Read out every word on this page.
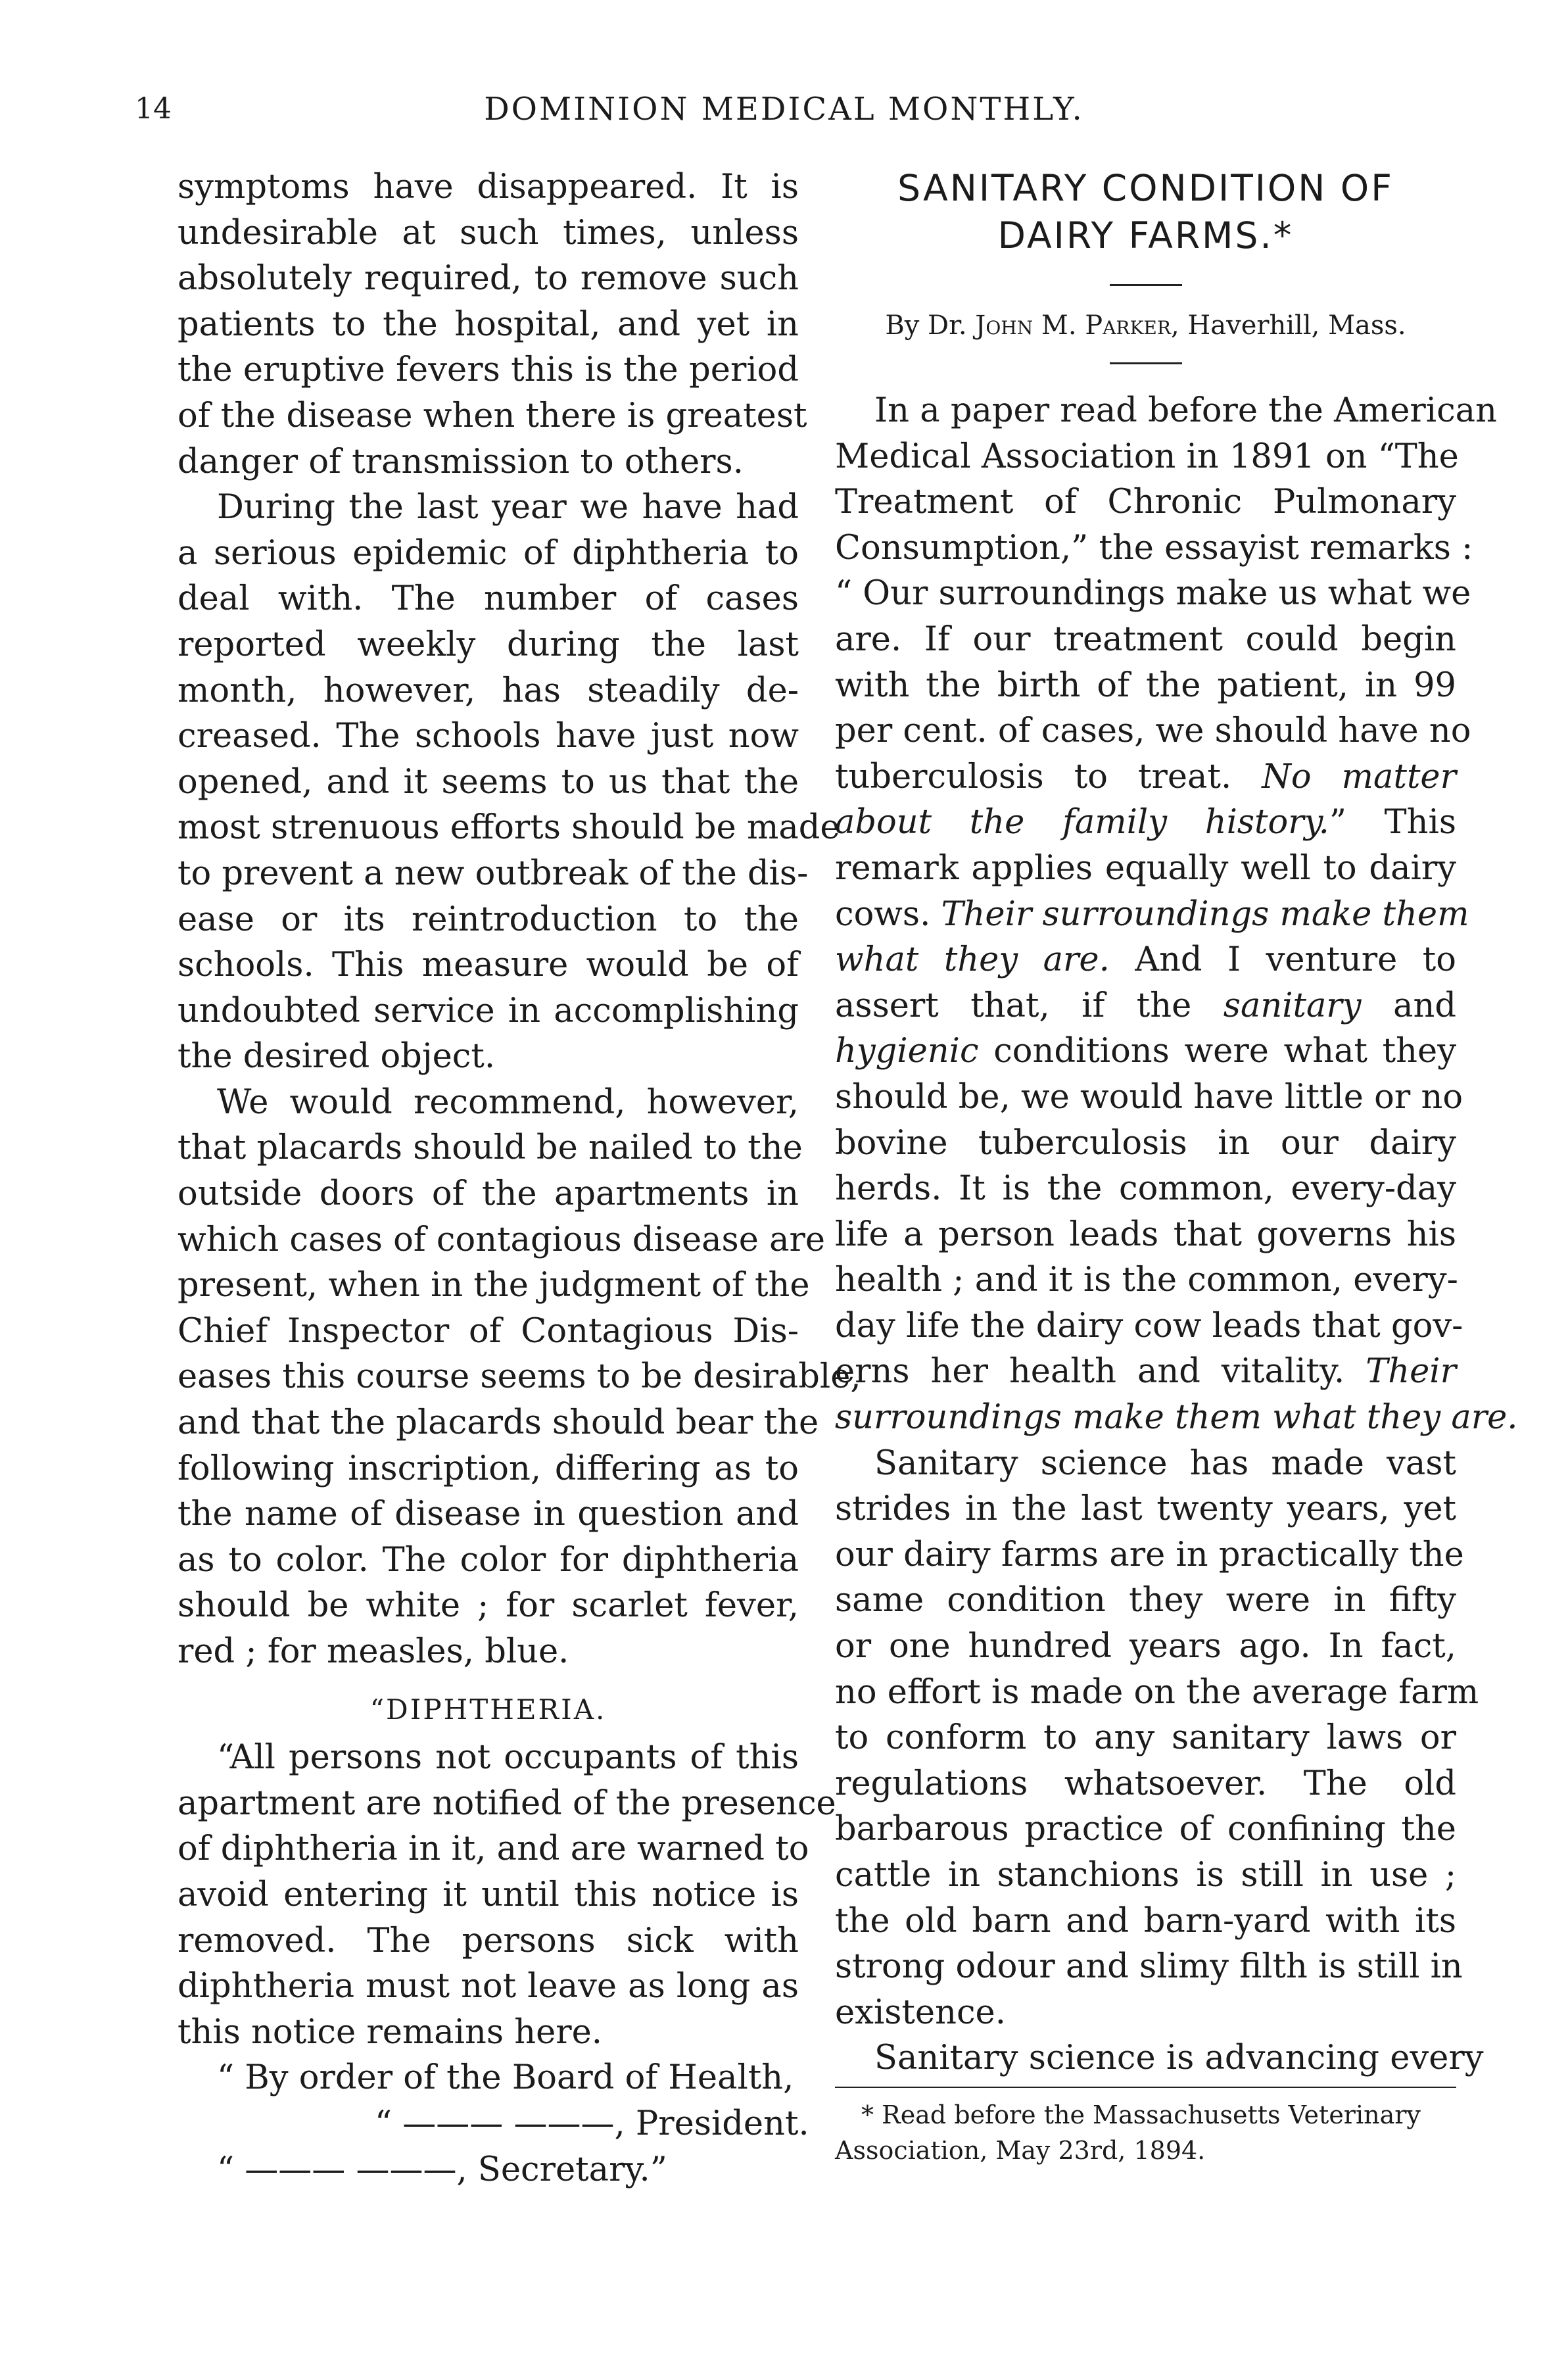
14	DOMINION MEDICAL MONTHLY.

symptoms have disappeared. It is
undesirable at such times, unless
absolutely required, to remove such
patients to the hospital, and yet in
the eruptive fevers this is the period
of the disease when there is greatest
danger of transmission to others.

During the last year we have had
a serious epidemic of diphtheria to
deal with. The number of cases
reported weekly during the last
month, however, has steadily de-
creased. The schools have just now
opened, and it seems to us that the
most strenuous efforts should be made
to prevent a new outbreak of the dis-
ease or its reintroduction to the
schools. This measure would be of
undoubted service in accomplishing
the desired object.

We would recommend, however,
that placards should be nailed to the
outside doors of the apartments in
which cases of contagious disease are
present, when in the judgment of the
Chief Inspector of Contagious Dis-
eases this course seems to be desirable,
and that the placards should bear the
following inscription, differing as to
the name of disease in question and
as to color. The color for diphtheria
should be white ; for scarlet fever,
red ; for measles, blue.

“DIPHTHERIA.

“All persons not occupants of this
apartment are notified of the presence
of diphtheria in it, and are warned to
avoid entering it until this notice is
removed. The persons sick with
diphtheria must not leave as long as
this notice remains here.

“ By order of the Board of Health,
“ ——— ———, President.
“ ——— ———, Secretary.”
SANITARY CONDITION OF
DAIRY FARMS.*
By Dr. John M. Parker, Haverhill, Mass.

In a paper read before the American
Medical Association in 1891 on “The
Treatment of Chronic Pulmonary
Consumption,” the essayist remarks :
“ Our surroundings make us what we
are. If our treatment could begin
with the birth of the patient, in 99
per cent. of cases, we should have no
tuberculosis to treat. No matter
about the family history.” This
remark applies equally well to dairy
cows. Their surroundings make them
what they are. And I venture to
assert that, if the sanitary and
hygienic conditions were what they
should be, we would have little or no
bovine tuberculosis in our dairy
herds. It is the common, every-day
life a person leads that governs his
health ; and it is the common, every-
day life the dairy cow leads that gov-
erns her health and vitality. Their
surroundings make them what they are.

Sanitary science has made vast
strides in the last twenty years, yet
our dairy farms are in practically the
same condition they were in fifty
or one hundred years ago. In fact,
no effort is made on the average farm
to conform to any sanitary laws or
regulations whatsoever. The old
barbarous practice of confining the
cattle in stanchions is still in use ;
the old barn and barn-yard with its
strong odour and slimy filth is still in
existence.

Sanitary science is advancing every

* Read before the Massachusetts Veterinary
Association, May 23rd, 1894.
